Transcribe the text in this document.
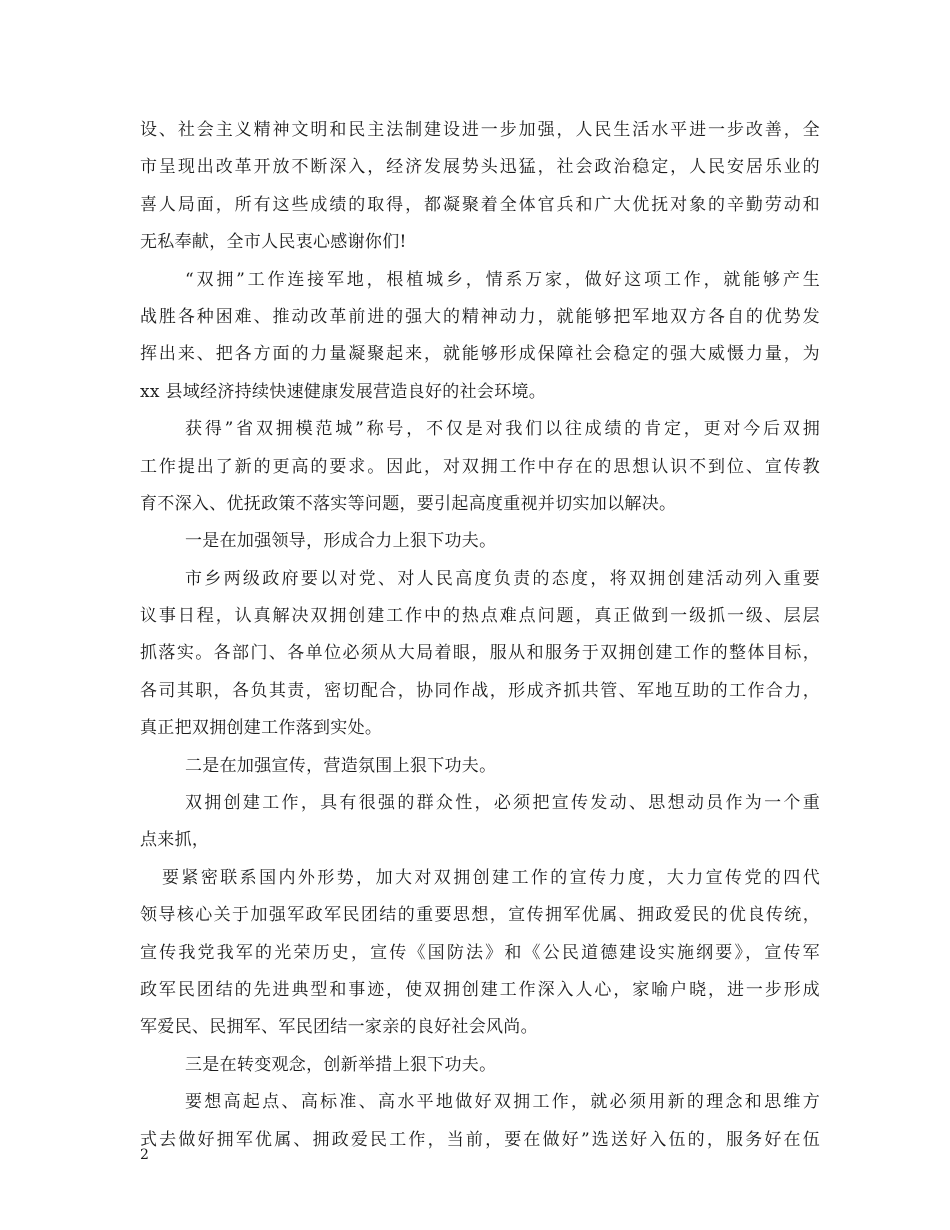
设、社会主义精神文明和民主法制建设进一步加强，人民生活水平进一步改善，全
市呈现出改革开放不断深入，经济发展势头迅猛，社会政治稳定，人民安居乐业的
喜人局面，所有这些成绩的取得，都凝聚着全体官兵和广大优抚对象的辛勤劳动和
无私奉献，全市人民衷心感谢你们!
“双拥”工作连接军地，根植城乡，情系万家，做好这项工作，就能够产生
战胜各种困难、推动改革前进的强大的精神动力，就能够把军地双方各自的优势发
挥出来、把各方面的力量凝聚起来，就能够形成保障社会稳定的强大威慑力量，为
xx 县域经济持续快速健康发展营造良好的社会环境。
获得”省双拥模范城”称号，不仅是对我们以往成绩的肯定，更对今后双拥
工作提出了新的更高的要求。因此，对双拥工作中存在的思想认识不到位、宣传教
育不深入、优抚政策不落实等问题，要引起高度重视并切实加以解决。
一是在加强领导，形成合力上狠下功夫。
市乡两级政府要以对党、对人民高度负责的态度，将双拥创建活动列入重要
议事日程，认真解决双拥创建工作中的热点难点问题，真正做到一级抓一级、层层
抓落实。各部门、各单位必须从大局着眼，服从和服务于双拥创建工作的整体目标，
各司其职，各负其责，密切配合，协同作战，形成齐抓共管、军地互助的工作合力，
真正把双拥创建工作落到实处。
二是在加强宣传，营造氛围上狠下功夫。
双拥创建工作，具有很强的群众性，必须把宣传发动、思想动员作为一个重
点来抓，
要紧密联系国内外形势，加大对双拥创建工作的宣传力度，大力宣传党的四代
领导核心关于加强军政军民团结的重要思想，宣传拥军优属、拥政爱民的优良传统，
宣传我党我军的光荣历史，宣传《国防法》和《公民道德建设实施纲要》，宣传军
政军民团结的先进典型和事迹，使双拥创建工作深入人心，家喻户晓，进一步形成
军爱民、民拥军、军民团结一家亲的良好社会风尚。
三是在转变观念，创新举措上狠下功夫。
要想高起点、高标准、高水平地做好双拥工作，就必须用新的理念和思维方
式去做好拥军优属、拥政爱民工作，当前，要在做好”选送好入伍的，服务好在伍
2
